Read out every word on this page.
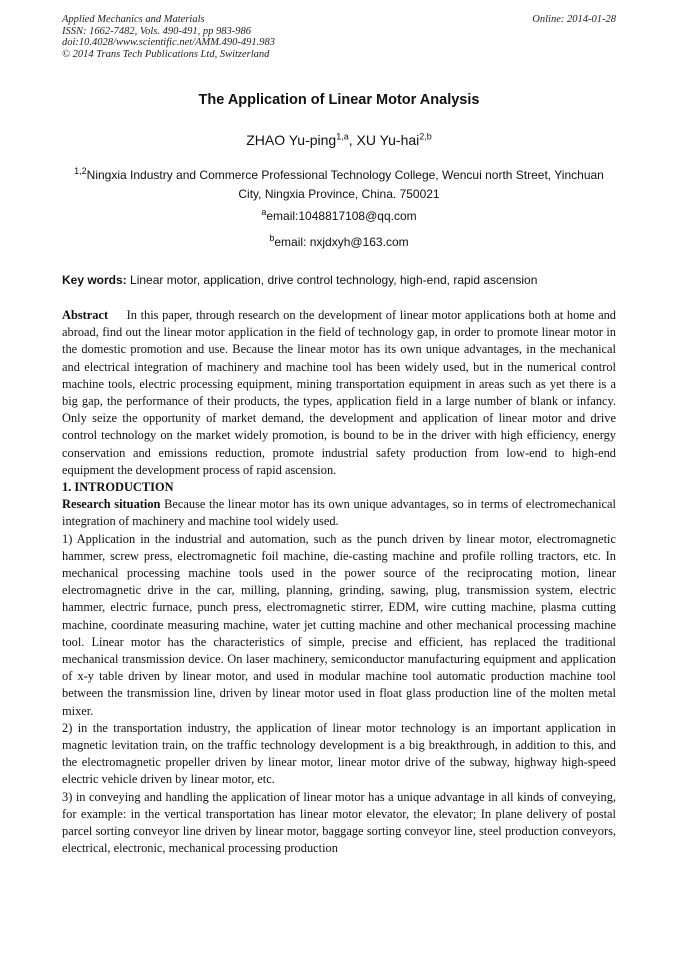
Applied Mechanics and Materials
ISSN: 1662-7482, Vols. 490-491, pp 983-986
doi:10.4028/www.scientific.net/AMM.490-491.983
© 2014 Trans Tech Publications Ltd, Switzerland
Online: 2014-01-28
The Application of Linear Motor Analysis
ZHAO Yu-ping$^{1,a}$, XU Yu-hai$^{2,b}$
$^{1,2}$Ningxia Industry and Commerce Professional Technology College, Wencui north Street, Yinchuan City, Ningxia Province, China. 750021
$^a$email:1048817108@qq.com
$^b$email: nxjdxyh@163.com
Key words: Linear motor, application, drive control technology, high-end, rapid ascension

Abstract In this paper, through research on the development of linear motor applications both at home and abroad, find out the linear motor application in the field of technology gap, in order to promote linear motor in the domestic promotion and use. Because the linear motor has its own unique advantages, in the mechanical and electrical integration of machinery and machine tool has been widely used, but in the numerical control machine tools, electric processing equipment, mining transportation equipment in areas such as yet there is a big gap, the performance of their products, the types, application field in a large number of blank or infancy. Only seize the opportunity of market demand, the development and application of linear motor and drive control technology on the market widely promotion, is bound to be in the driver with high efficiency, energy conservation and emissions reduction, promote industrial safety production from low-end to high-end equipment the development process of rapid ascension.

1. INTRODUCTION

Research situation Because the linear motor has its own unique advantages, so in terms of electromechanical integration of machinery and machine tool widely used.

1) Application in the industrial and automation, such as the punch driven by linear motor, electromagnetic hammer, screw press, electromagnetic foil machine, die-casting machine and profile rolling tractors, etc. In mechanical processing machine tools used in the power source of the reciprocating motion, linear electromagnetic drive in the car, milling, planning, grinding, sawing, plug, transmission system, electric hammer, electric furnace, punch press, electromagnetic stirrer, EDM, wire cutting machine, plasma cutting machine, coordinate measuring machine, water jet cutting machine and other mechanical processing machine tool. Linear motor has the characteristics of simple, precise and efficient, has replaced the traditional mechanical transmission device. On laser machinery, semiconductor manufacturing equipment and application of x-y table driven by linear motor, and used in modular machine tool automatic production machine tool between the transmission line, driven by linear motor used in float glass production line of the molten metal mixer.

2) in the transportation industry, the application of linear motor technology is an important application in magnetic levitation train, on the traffic technology development is a big breakthrough, in addition to this, and the electromagnetic propeller driven by linear motor, linear motor drive of the subway, highway high-speed electric vehicle driven by linear motor, etc.

3) in conveying and handling the application of linear motor has a unique advantage in all kinds of conveying, for example: in the vertical transportation has linear motor elevator, the elevator; In plane delivery of postal parcel sorting conveyor line driven by linear motor, baggage sorting conveyor line, steel production conveyors, electrical, electronic, mechanical processing production
